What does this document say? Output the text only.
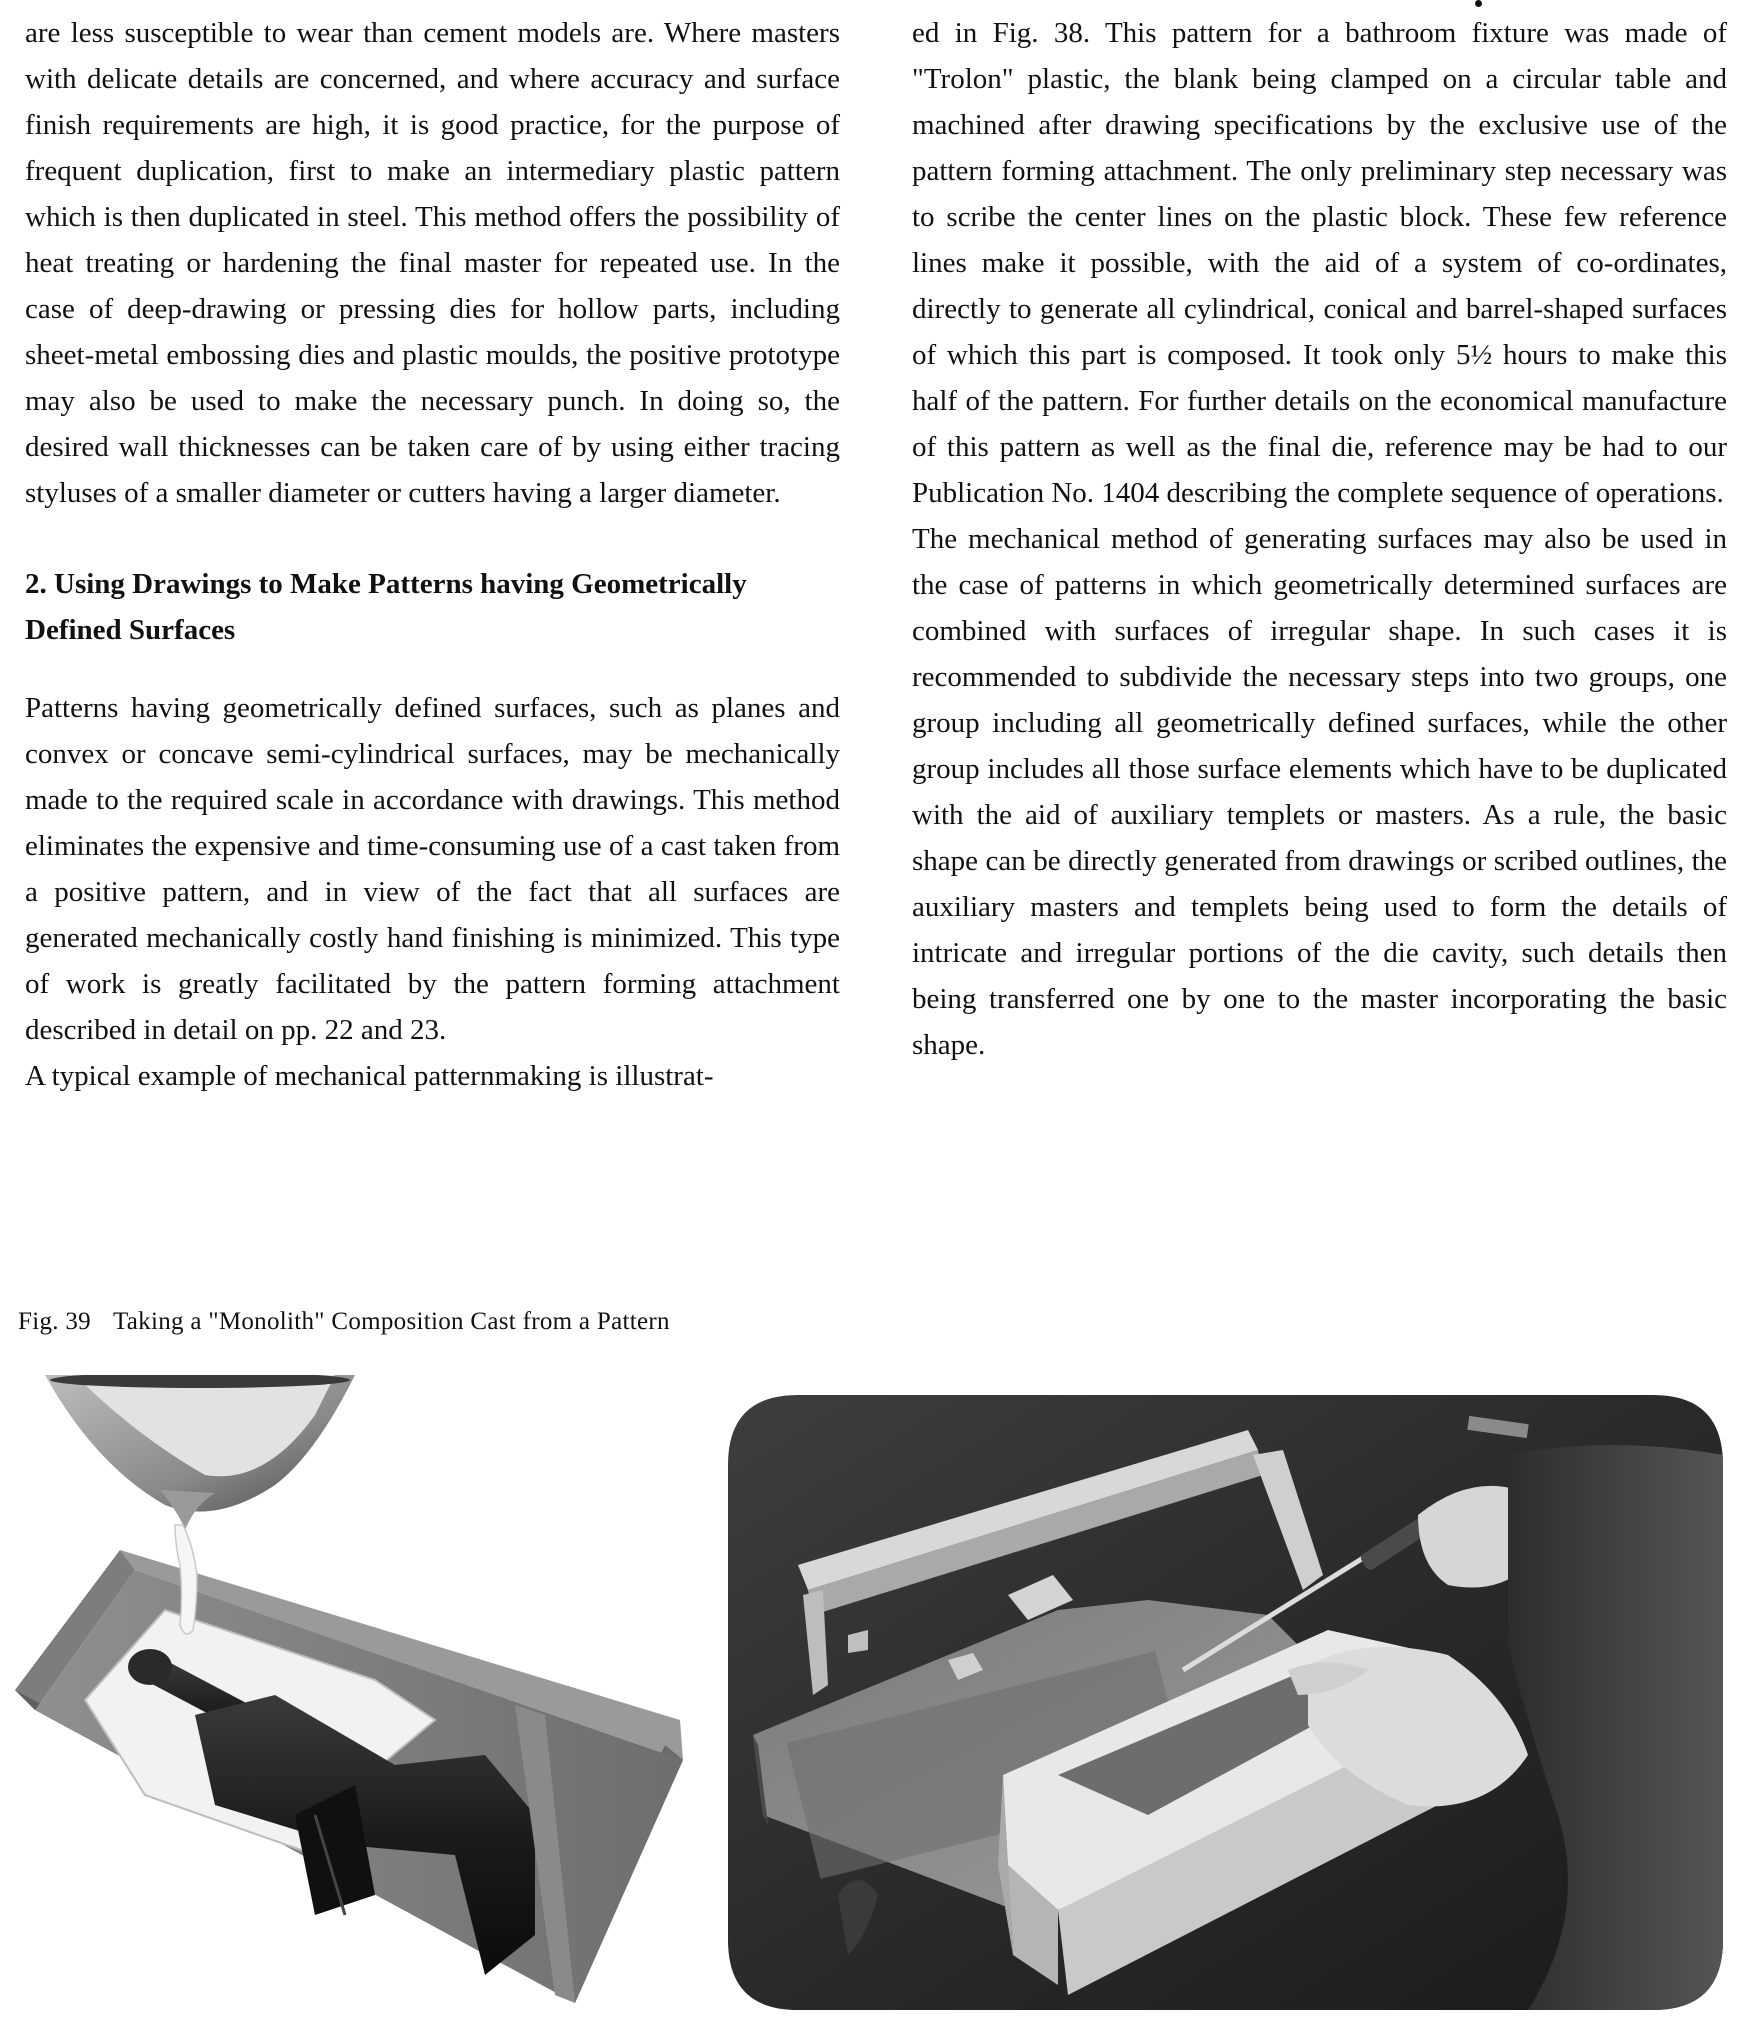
are less susceptible to wear than cement models are. Where masters with delicate details are concerned, and where accuracy and surface finish requirements are high, it is good practice, for the purpose of frequent duplication, first to make an intermediary plastic pattern which is then duplicated in steel. This method offers the possibility of heat treating or hardening the final master for repeated use. In the case of deep-drawing or pressing dies for hollow parts, including sheet-metal embossing dies and plastic moulds, the positive prototype may also be used to make the necessary punch. In doing so, the desired wall thicknesses can be taken care of by using either tracing styluses of a smaller diameter or cutters having a larger diameter.

2. Using Drawings to Make Patterns having Geometrically Defined Surfaces

Patterns having geometrically defined surfaces, such as planes and convex or concave semi-cylindrical surfaces, may be mechanically made to the required scale in accordance with drawings. This method eliminates the expensive and time-consuming use of a cast taken from a positive pattern, and in view of the fact that all surfaces are generated mechanically costly hand finishing is minimized. This type of work is greatly facilitated by the pattern forming attachment described in detail on pp. 22 and 23.

A typical example of mechanical patternmaking is illustrat-

ed in Fig. 38. This pattern for a bathroom fixture was made of "Trolon" plastic, the blank being clamped on a circular table and machined after drawing specifications by the exclusive use of the pattern forming attachment. The only preliminary step necessary was to scribe the center lines on the plastic block. These few reference lines make it possible, with the aid of a system of co-ordinates, directly to generate all cylindrical, conical and barrel-shaped surfaces of which this part is composed. It took only 5½ hours to make this half of the pattern. For further details on the economical manufacture of this pattern as well as the final die, reference may be had to our Publication No. 1404 describing the complete sequence of operations.

The mechanical method of generating surfaces may also be used in the case of patterns in which geometrically determined surfaces are combined with surfaces of irregular shape. In such cases it is recommended to subdivide the necessary steps into two groups, one group including all geometrically defined surfaces, while the other group includes all those surface elements which have to be duplicated with the aid of auxiliary templets or masters. As a rule, the basic shape can be directly generated from drawings or scribed outlines, the auxiliary masters and templets being used to form the details of intricate and irregular portions of the die cavity, such details then being transferred one by one to the master incorporating the basic shape.

Fig. 39 Taking a "Monolith" Composition Cast from a Pattern
